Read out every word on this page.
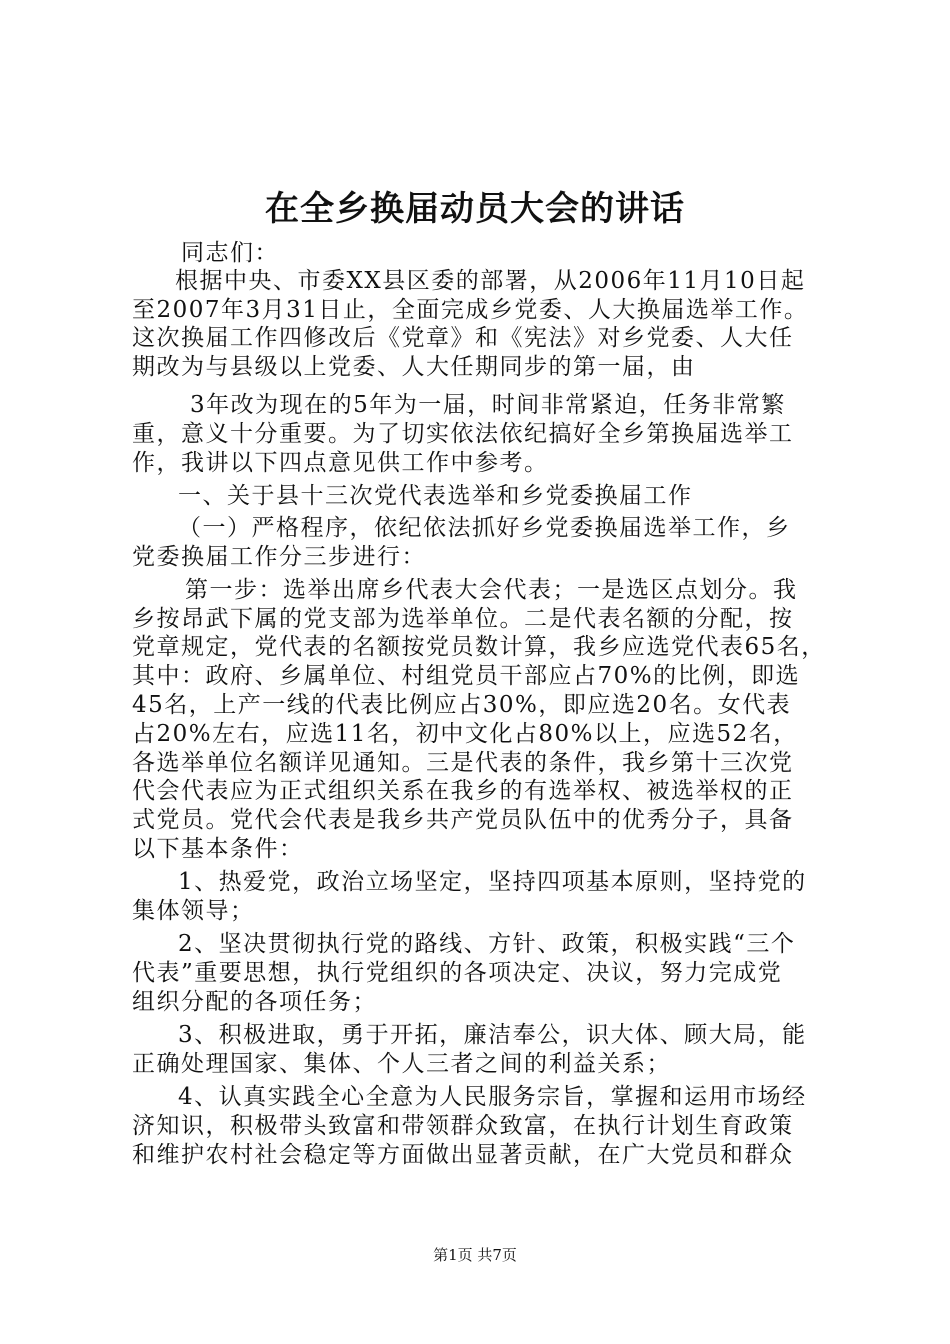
在全乡换届动员大会的讲话
同志们：
根据中央、市委XX县区委的部署，从2006年11月10日起
至2007年3月31日止，全面完成乡党委、人大换届选举工作。
这次换届工作四修改后《党章》和《宪法》对乡党委、人大任
期改为与县级以上党委、人大任期同步的第一届，由
3年改为现在的5年为一届，时间非常紧迫，任务非常繁
重，意义十分重要。为了切实依法依纪搞好全乡第换届选举工
作，我讲以下四点意见供工作中参考。
一、关于县十三次党代表选举和乡党委换届工作
（一）严格程序，依纪依法抓好乡党委换届选举工作，乡
党委换届工作分三步进行：
第一步：选举出席乡代表大会代表；一是选区点划分。我
乡按昂武下属的党支部为选举单位。二是代表名额的分配，按
党章规定，党代表的名额按党员数计算，我乡应选党代表65名，
其中：政府、乡属单位、村组党员干部应占70%的比例，即选
45名，上产一线的代表比例应占30%，即应选20名。女代表
占20%左右，应选11名，初中文化占80%以上，应选52名，
各选举单位名额详见通知。三是代表的条件，我乡第十三次党
代会代表应为正式组织关系在我乡的有选举权、被选举权的正
式党员。党代会代表是我乡共产党员队伍中的优秀分子，具备
以下基本条件：
1、热爱党，政治立场坚定，坚持四项基本原则，坚持党的
集体领导；
2、坚决贯彻执行党的路线、方针、政策，积极实践“三个
代表”重要思想，执行党组织的各项决定、决议，努力完成党
组织分配的各项任务；
3、积极进取，勇于开拓，廉洁奉公，识大体、顾大局，能
正确处理国家、集体、个人三者之间的利益关系；
4、认真实践全心全意为人民服务宗旨，掌握和运用市场经
济知识，积极带头致富和带领群众致富，在执行计划生育政策
和维护农村社会稳定等方面做出显著贡献，在广大党员和群众
第1页 共7页
